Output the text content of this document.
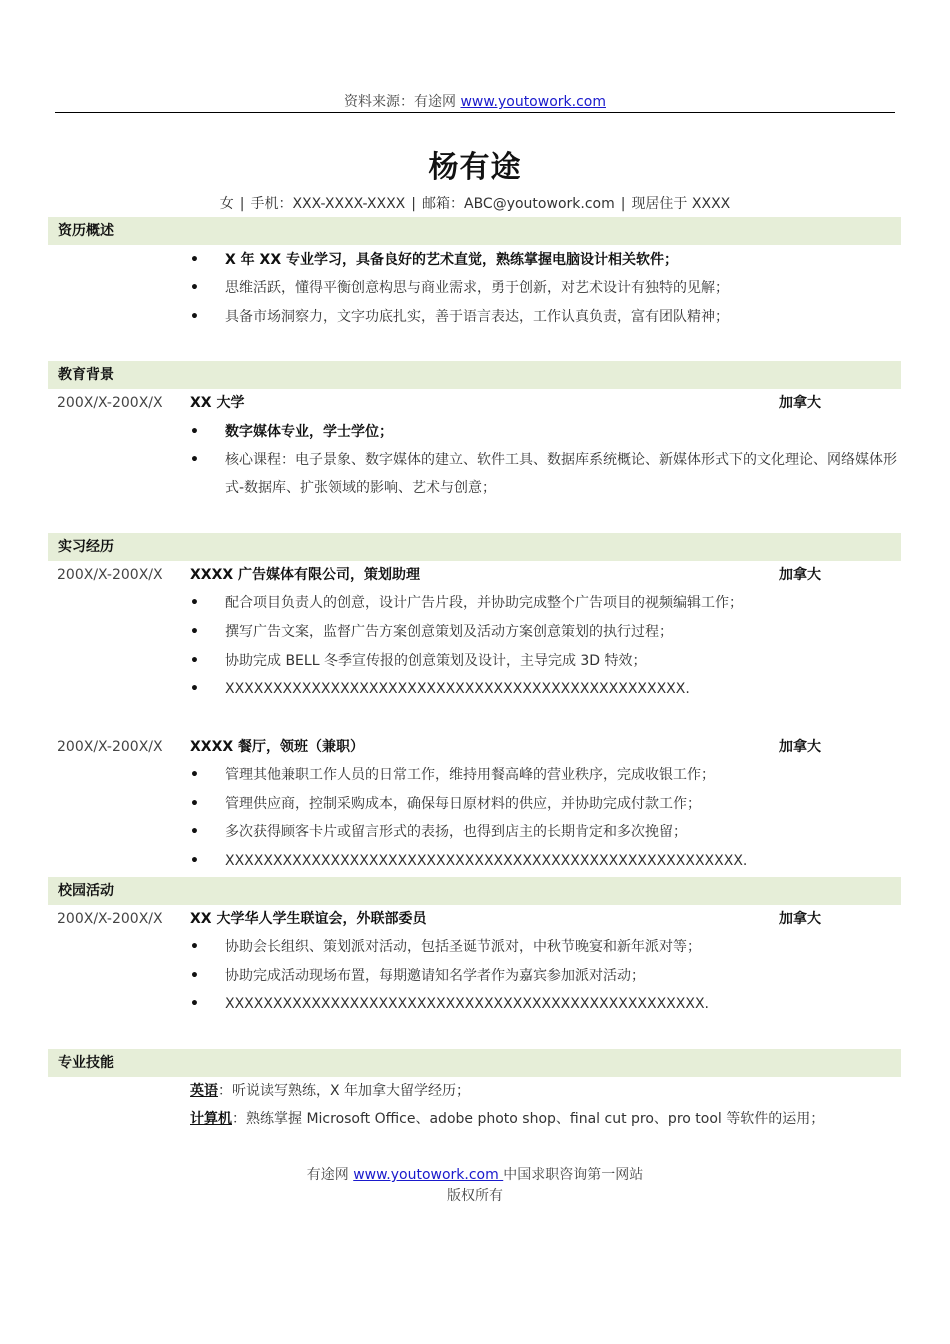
资料来源：有途网 www.youtowork.com
杨有途
女 | 手机：XXX-XXXX-XXXX | 邮箱：ABC@youtowork.com | 现居住于 XXXX
资历概述
•	X 年 XX 专业学习，具备良好的艺术直觉，熟练掌握电脑设计相关软件；
•	思维活跃，懂得平衡创意构思与商业需求，勇于创新，对艺术设计有独特的见解；
•	具备市场洞察力，文字功底扎实，善于语言表达，工作认真负责，富有团队精神；
教育背景
200X/X-200X/X XX 大学	加拿大
•	数字媒体专业，学士学位；
•	核心课程：电子景象、数字媒体的建立、软件工具、数据库系统概论、新媒体形式下的文化理论、网络媒体形式-数据库、扩张领域的影响、艺术与创意；
实习经历
200X/X-200X/X XXXX 广告媒体有限公司，策划助理	加拿大
•	配合项目负责人的创意，设计广告片段，并协助完成整个广告项目的视频编辑工作；
•	撰写广告文案，监督广告方案创意策划及活动方案创意策划的执行过程；
•	协助完成 BELL 冬季宣传报的创意策划及设计，主导完成 3D 特效；
•	XXXXXXXXXXXXXXXXXXXXXXXXXXXXXXXXXXXXXXXXXXXXXXXX.
200X/X-200X/X XXXX 餐厅，领班（兼职）	加拿大
•	管理其他兼职工作人员的日常工作，维持用餐高峰的营业秩序，完成收银工作；
•	管理供应商，控制采购成本，确保每日原材料的供应，并协助完成付款工作；
•	多次获得顾客卡片或留言形式的表扬，也得到店主的长期肯定和多次挽留；
•	XXXXXXXXXXXXXXXXXXXXXXXXXXXXXXXXXXXXXXXXXXXXXXXXXXXXXX.
校园活动
200X/X-200X/X XX 大学华人学生联谊会，外联部委员	加拿大
•	协助会长组织、策划派对活动，包括圣诞节派对，中秋节晚宴和新年派对等；
•	协助完成活动现场布置，每期邀请知名学者作为嘉宾参加派对活动；
•	XXXXXXXXXXXXXXXXXXXXXXXXXXXXXXXXXXXXXXXXXXXXXXXXXX.
专业技能
英语：听说读写熟练，X 年加拿大留学经历；
计算机：熟练掌握 Microsoft Office、adobe photo shop、final cut pro、pro tool 等软件的运用；
有途网 www.youtowork.com 中国求职咨询第一网站
版权所有
